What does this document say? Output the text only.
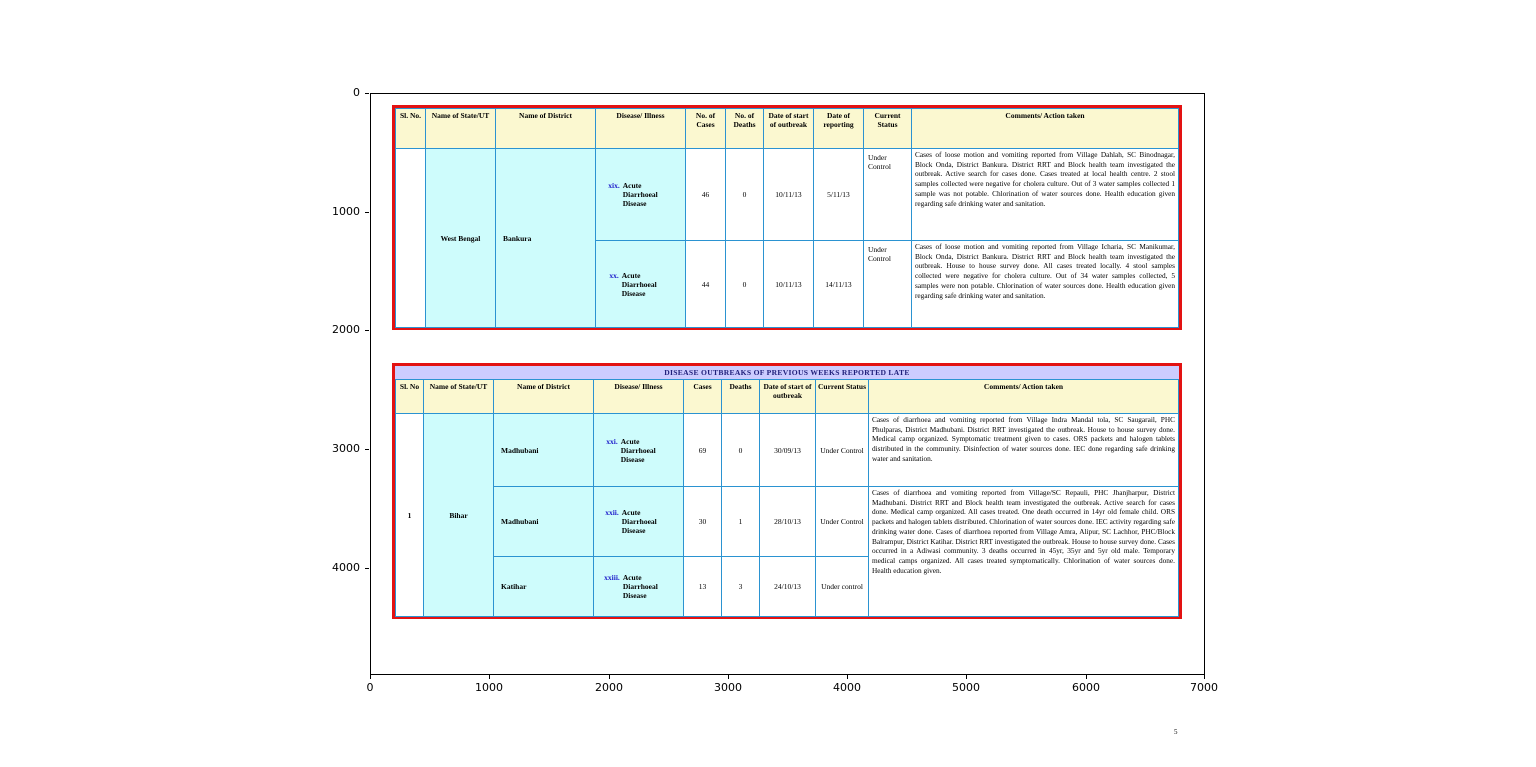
0	1000	2000	3000	4000	5000	6000	7000
0
1000
2000
3000
4000
Sl. No.	Name of State/UT	Name of District	Disease/ Illness	No. of Cases	No. of Deaths	Date of start of outbreak	Date of reporting	Current Status	Comments/ Action taken
	West Bengal	Bankura	xix. Acute Diarrhoeal Disease	46	0	10/11/13	5/11/13	Under Control	Cases of loose motion and vomiting reported from Village Dahlah, SC Binodnagar, Block Onda, District Bankura. District RRT and Block health team investigated the outbreak. Active search for cases done. Cases treated at local health centre. 2 stool samples collected were negative for cholera culture. Out of 3 water samples collected 1 sample was not potable. Chlorination of water sources done. Health education given regarding safe drinking water and sanitation.

			xx. Acute Diarrhoeal Disease	44	0	10/11/13	14/11/13	Under Control	Cases of loose motion and vomiting reported from Village Icharia, SC Manikumar, Block Onda, District Bankura. District RRT and Block health team investigated the outbreak. House to house survey done. All cases treated locally. 4 stool samples collected were negative for cholera culture. Out of 34 water samples collected, 5 samples were non potable. Chlorination of water sources done. Health education given regarding safe drinking water and sanitation.
DISEASE OUTBREAKS OF PREVIOUS WEEKS REPORTED LATE
Sl. No	Name of State/UT	Name of District	Disease/ Illness	Cases	Deaths	Date of start of outbreak	Current Status	Comments/ Action taken
1	Bihar	Madhubani	xxi. Acute Diarrhoeal Disease	69	0	30/09/13	Under Control	Cases of diarrhoea and vomiting reported from Village Indra Mandal tola, SC Saugarail, PHC Phulparas, District Madhubani. District RRT investigated the outbreak. House to house survey done. Medical camp organized. Symptomatic treatment given to cases. ORS packets and halogen tablets distributed in the community. Disinfection of water sources done. IEC done regarding safe drinking water and sanitation.
		Madhubani	xxii. Acute Diarrhoeal Disease	30	1	28/10/13	Under Control	Cases of diarrhoea and vomiting reported from Village/SC Repauli, PHC Jhanjharpur, District Madhubani. District RRT and Block health team investigated the outbreak. Active search for cases done. Medical camp organized. All cases treated. One death occurred in 14yr old female child. ORS packets and halogen tablets distributed. Chlorination of water sources done. IEC activity regarding safe drinking water done. Cases of diarrhoea reported from Village Amra, Alipur, SC Lachhor, PHC/Block Balrampur, District Katihar. District RRT investigated the outbreak. House to house survey done. Cases occurred in a Adiwasi community. 3 deaths occurred in 45yr, 35yr and 5yr old male. Temporary medical camps organized. All cases treated symptomatically. Chlorination of water sources done. Health education given.
		Katihar	xxiii. Acute Diarrhoeal Disease	13	3	24/10/13	Under control	
5
